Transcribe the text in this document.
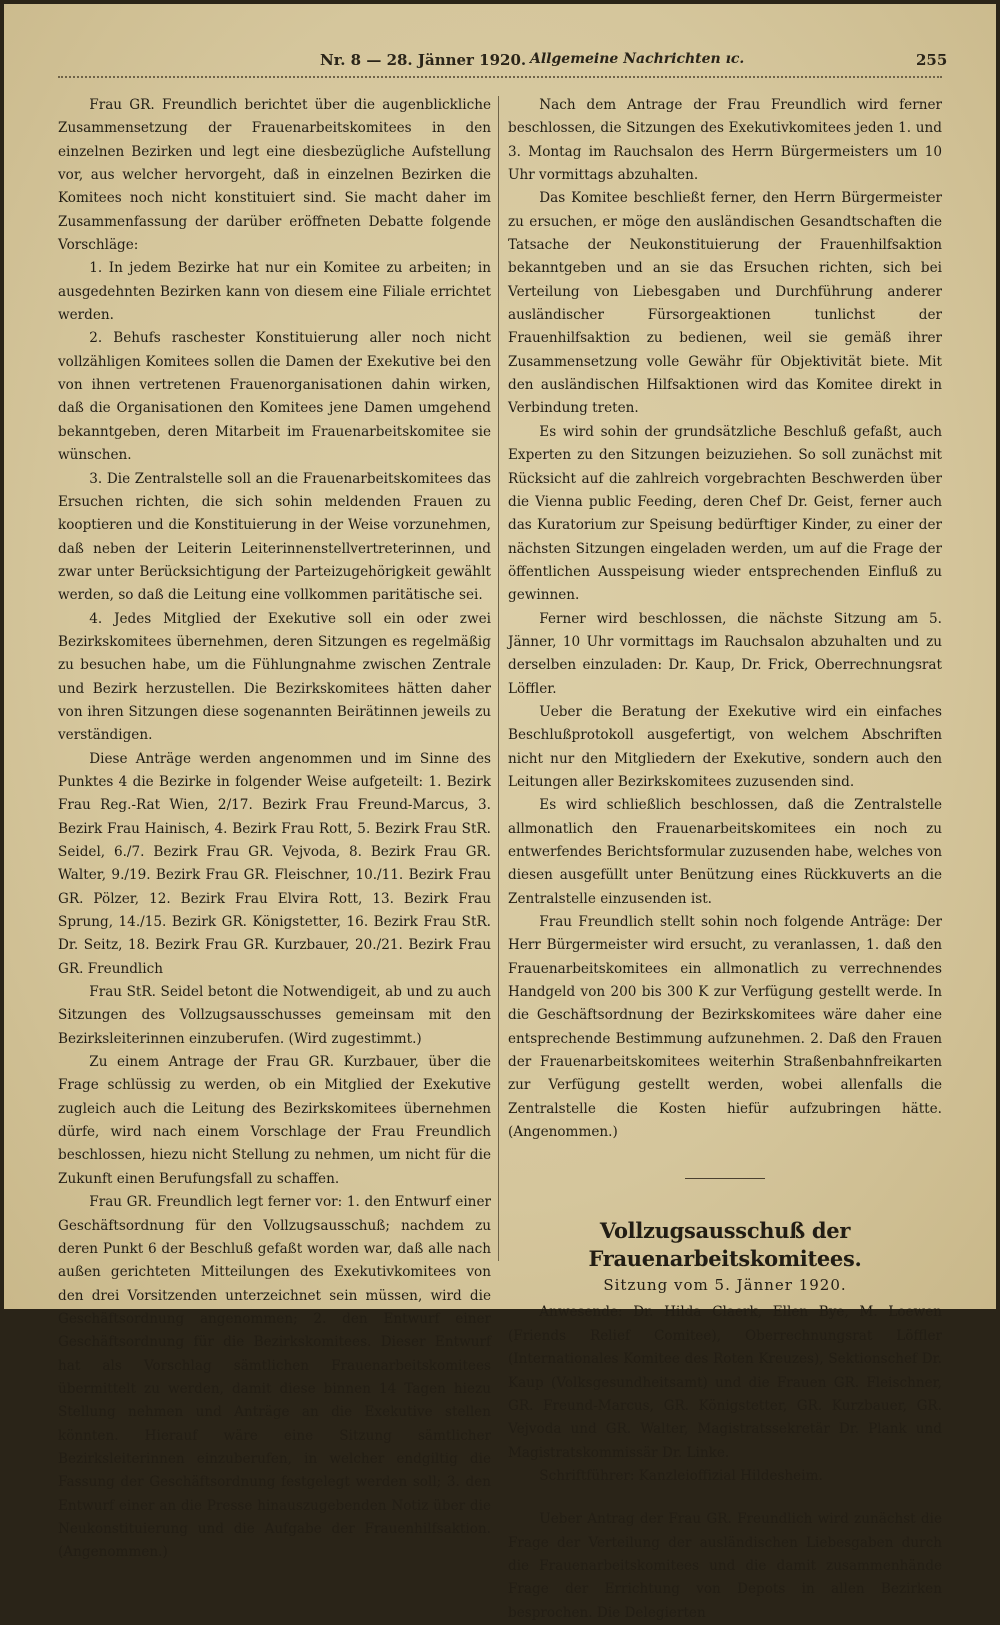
Nr. 8 — 28. Jänner 1920. Allgemeine Nachrichten ıc.	255

Frau GR. Freundlich berichtet über die augenblickliche Zusammensetzung der Frauenarbeitskomitees in den einzelnen Bezirken und legt eine diesbezügliche Aufstellung vor, aus welcher hervorgeht, daß in einzelnen Bezirken die Komitees noch nicht konstituiert sind. Sie macht daher im Zusammenfassung der darüber eröffneten Debatte folgende Vorschläge:

1. In jedem Bezirke hat nur ein Komitee zu arbeiten; in ausgedehnten Bezirken kann von diesem eine Filiale errichtet werden.

2. Behufs raschester Konstituierung aller noch nicht vollzähligen Komitees sollen die Damen der Exekutive bei den von ihnen vertretenen Frauenorganisationen dahin wirken, daß die Organisationen den Komitees jene Damen umgehend bekanntgeben, deren Mitarbeit im Frauenarbeitskomitee sie wünschen.

3. Die Zentralstelle soll an die Frauenarbeitskomitees das Ersuchen richten, die sich sohin meldenden Frauen zu kooptieren und die Konstituierung in der Weise vorzunehmen, daß neben der Leiterin Leiterinnenstellvertreterinnen, und zwar unter Berücksichtigung der Parteizugehörigkeit gewählt werden, so daß die Leitung eine vollkommen paritätische sei.

4. Jedes Mitglied der Exekutive soll ein oder zwei Bezirkskomitees übernehmen, deren Sitzungen es regelmäßig zu besuchen habe, um die Fühlungnahme zwischen Zentrale und Bezirk herzustellen. Die Bezirkskomitees hätten daher von ihren Sitzungen diese sogenannten Beirätinnen jeweils zu verständigen.

Diese Anträge werden angenommen und im Sinne des Punktes 4 die Bezirke in folgender Weise aufgeteilt: 1. Bezirk Frau Reg.-Rat Wien, 2/17. Bezirk Frau Freund-Marcus, 3. Bezirk Frau Hainisch, 4. Bezirk Frau Rott, 5. Bezirk Frau StR. Seidel, 6./7. Bezirk Frau GR. Vejvoda, 8. Bezirk Frau GR. Walter, 9./19. Bezirk Frau GR. Fleischner, 10./11. Bezirk Frau GR. Pölzer, 12. Bezirk Frau Elvira Rott, 13. Bezirk Frau Sprung, 14./15. Bezirk GR. Königstetter, 16. Bezirk Frau StR. Dr. Seitz, 18. Bezirk Frau GR. Kurzbauer, 20./21. Bezirk Frau GR. Freundlich

Frau StR. Seidel betont die Notwendigeit, ab und zu auch Sitzungen des Vollzugsausschusses gemeinsam mit den Bezirksleiterinnen einzuberufen. (Wird zugestimmt.)

Zu einem Antrage der Frau GR. Kurzbauer, über die Frage schlüssig zu werden, ob ein Mitglied der Exekutive zugleich auch die Leitung des Bezirkskomitees übernehmen dürfe, wird nach einem Vorschlage der Frau Freundlich beschlossen, hiezu nicht Stellung zu nehmen, um nicht für die Zukunft einen Berufungsfall zu schaffen.

Frau GR. Freundlich legt ferner vor: 1. den Entwurf einer Geschäftsordnung für den Vollzugsausschuß; nachdem zu deren Punkt 6 der Beschluß gefaßt worden war, daß alle nach außen gerichteten Mitteilungen des Exekutivkomitees von den drei Vorsitzenden unterzeichnet sein müssen, wird die Geschäftsordnung angenommen; 2. den Entwurf einer Geschäftsordnung für die Bezirkskomitees. Dieser Entwurf hat als Vorschlag sämtlichen Frauenarbeitskomitees übermittelt zu werden, damit diese binnen 14 Tagen hiezu Stellung nehmen und Anträge an die Exekutive stellen könnten. Hierauf wäre eine Sitzung sämtlicher Bezirksleiterinnen einzuberufen, in welcher endgiltig die Fassung der Geschäftsordnung festgelegt werden soll; 3. den Entwurf einer an die Presse hinauszugebenden Notiz über die Neukonstituierung und die Aufgabe der Frauenhilfsaktion. (Angenommen.)

Nach dem Antrage der Frau Freundlich wird ferner beschlossen, die Sitzungen des Exekutivkomitees jeden 1. und 3. Montag im Rauchsalon des Herrn Bürgermeisters um 10 Uhr vormittags abzuhalten.

Das Komitee beschließt ferner, den Herrn Bürgermeister zu ersuchen, er möge den ausländischen Gesandtschaften die Tatsache der Neukonstituierung der Frauenhilfsaktion bekanntgeben und an sie das Ersuchen richten, sich bei Verteilung von Liebesgaben und Durchführung anderer ausländischer Fürsorgeaktionen tunlichst der Frauenhilfsaktion zu bedienen, weil sie gemäß ihrer Zusammensetzung volle Gewähr für Objektivität biete. Mit den ausländischen Hilfsaktionen wird das Komitee direkt in Verbindung treten.

Es wird sohin der grundsätzliche Beschluß gefaßt, auch Experten zu den Sitzungen beizuziehen. So soll zunächst mit Rücksicht auf die zahlreich vorgebrachten Beschwerden über die Vienna public Feeding, deren Chef Dr. Geist, ferner auch das Kuratorium zur Speisung bedürftiger Kinder, zu einer der nächsten Sitzungen eingeladen werden, um auf die Frage der öffentlichen Ausspeisung wieder entsprechenden Einfluß zu gewinnen.

Ferner wird beschlossen, die nächste Sitzung am 5. Jänner, 10 Uhr vormittags im Rauchsalon abzuhalten und zu derselben einzuladen: Dr. Kaup, Dr. Frick, Oberrechnungsrat Löffler.

Ueber die Beratung der Exekutive wird ein einfaches Beschlußprotokoll ausgefertigt, von welchem Abschriften nicht nur den Mitgliedern der Exekutive, sondern auch den Leitungen aller Bezirkskomitees zuzusenden sind.

Es wird schließlich beschlossen, daß die Zentralstelle allmonatlich den Frauenarbeitskomitees ein noch zu entwerfendes Berichtsformular zuzusenden habe, welches von diesen ausgefüllt unter Benützung eines Rückkuverts an die Zentralstelle einzusenden ist.

Frau Freundlich stellt sohin noch folgende Anträge: Der Herr Bürgermeister wird ersucht, zu veranlassen, 1. daß den Frauenarbeitskomitees ein allmonatlich zu verrechnendes Handgeld von 200 bis 300 K zur Verfügung gestellt werde. In die Geschäftsordnung der Bezirkskomitees wäre daher eine entsprechende Bestimmung aufzunehmen. 2. Daß den Frauen der Frauenarbeitskomitees weiterhin Straßenbahnfreikarten zur Verfügung gestellt werden, wobei allenfalls die Zentralstelle die Kosten hiefür aufzubringen hätte. (Angenommen.)

Vollzugsausschuß der Frauenarbeitskomitees.

Sitzung vom 5. Jänner 1920.

Anwesende: Dr. Hilda Claerk, Ellen Bye, M. Loewen (Friends Relief Comitee), Oberrechnungsrat Löffler (Internationales Komitee des Roten Kreuzes), Sektionschef Dr. Kaup (Volksgesundheitsamt) und die Frauen GR. Fleischner, GR. Freund-Marcus, GR. Königstetter, GR. Kurzbauer, GR. Vejvoda und GR. Walter, Magistratssekretär Dr. Plank und Magistratskommissär Dr. Linke.

Schriftführer: Kanzleioffizial Hildesheim.

Ueber Antrag der Frau GR. Freundlich wird zunächst die Frage der Verteilung der ausländischen Liebesgaben durch die Frauenarbeitskomitees und die damit zusammenhände Frage der Errichtung von Depots in allen Bezirken besprochen. Die Delegierten
